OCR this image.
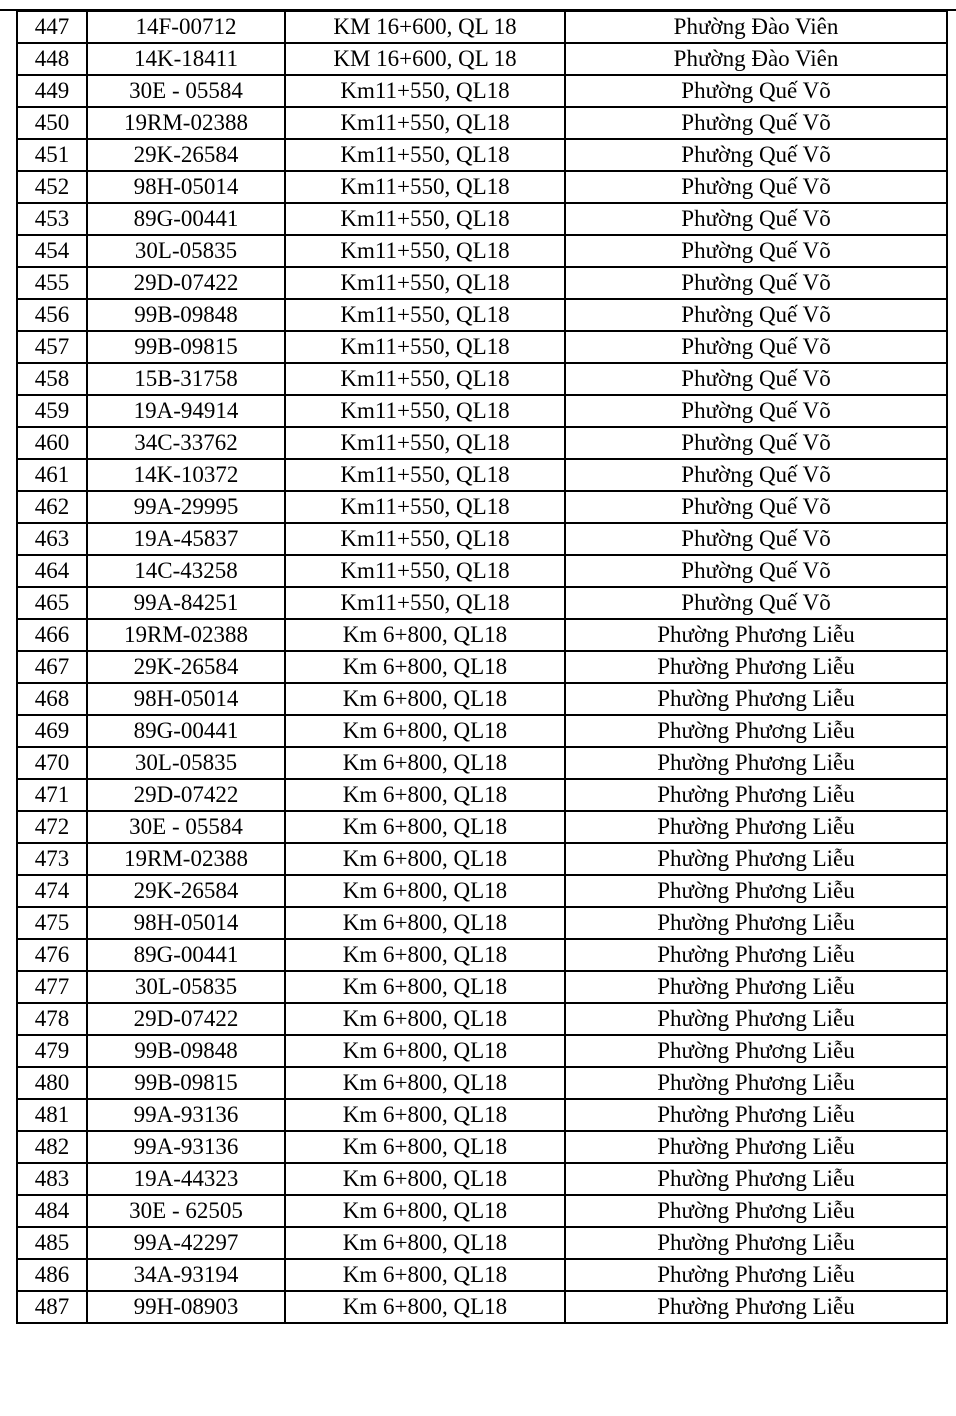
447	14F-00712	KM 16+600, QL 18	Phường Đào Viên
448	14K-18411	KM 16+600, QL 18	Phường Đào Viên
449	30E - 05584	Km11+550, QL18	Phường Quế Võ
450	19RM-02388	Km11+550, QL18	Phường Quế Võ
451	29K-26584	Km11+550, QL18	Phường Quế Võ
452	98H-05014	Km11+550, QL18	Phường Quế Võ
453	89G-00441	Km11+550, QL18	Phường Quế Võ
454	30L-05835	Km11+550, QL18	Phường Quế Võ
455	29D-07422	Km11+550, QL18	Phường Quế Võ
456	99B-09848	Km11+550, QL18	Phường Quế Võ
457	99B-09815	Km11+550, QL18	Phường Quế Võ
458	15B-31758	Km11+550, QL18	Phường Quế Võ
459	19A-94914	Km11+550, QL18	Phường Quế Võ
460	34C-33762	Km11+550, QL18	Phường Quế Võ
461	14K-10372	Km11+550, QL18	Phường Quế Võ
462	99A-29995	Km11+550, QL18	Phường Quế Võ
463	19A-45837	Km11+550, QL18	Phường Quế Võ
464	14C-43258	Km11+550, QL18	Phường Quế Võ
465	99A-84251	Km11+550, QL18	Phường Quế Võ
466	19RM-02388	Km 6+800, QL18	Phường Phương Liễu
467	29K-26584	Km 6+800, QL18	Phường Phương Liễu
468	98H-05014	Km 6+800, QL18	Phường Phương Liễu
469	89G-00441	Km 6+800, QL18	Phường Phương Liễu
470	30L-05835	Km 6+800, QL18	Phường Phương Liễu
471	29D-07422	Km 6+800, QL18	Phường Phương Liễu
472	30E - 05584	Km 6+800, QL18	Phường Phương Liễu
473	19RM-02388	Km 6+800, QL18	Phường Phương Liễu
474	29K-26584	Km 6+800, QL18	Phường Phương Liễu
475	98H-05014	Km 6+800, QL18	Phường Phương Liễu
476	89G-00441	Km 6+800, QL18	Phường Phương Liễu
477	30L-05835	Km 6+800, QL18	Phường Phương Liễu
478	29D-07422	Km 6+800, QL18	Phường Phương Liễu
479	99B-09848	Km 6+800, QL18	Phường Phương Liễu
480	99B-09815	Km 6+800, QL18	Phường Phương Liễu
481	99A-93136	Km 6+800, QL18	Phường Phương Liễu
482	99A-93136	Km 6+800, QL18	Phường Phương Liễu
483	19A-44323	Km 6+800, QL18	Phường Phương Liễu
484	30E - 62505	Km 6+800, QL18	Phường Phương Liễu
485	99A-42297	Km 6+800, QL18	Phường Phương Liễu
486	34A-93194	Km 6+800, QL18	Phường Phương Liễu
487	99H-08903	Km 6+800, QL18	Phường Phương Liễu
